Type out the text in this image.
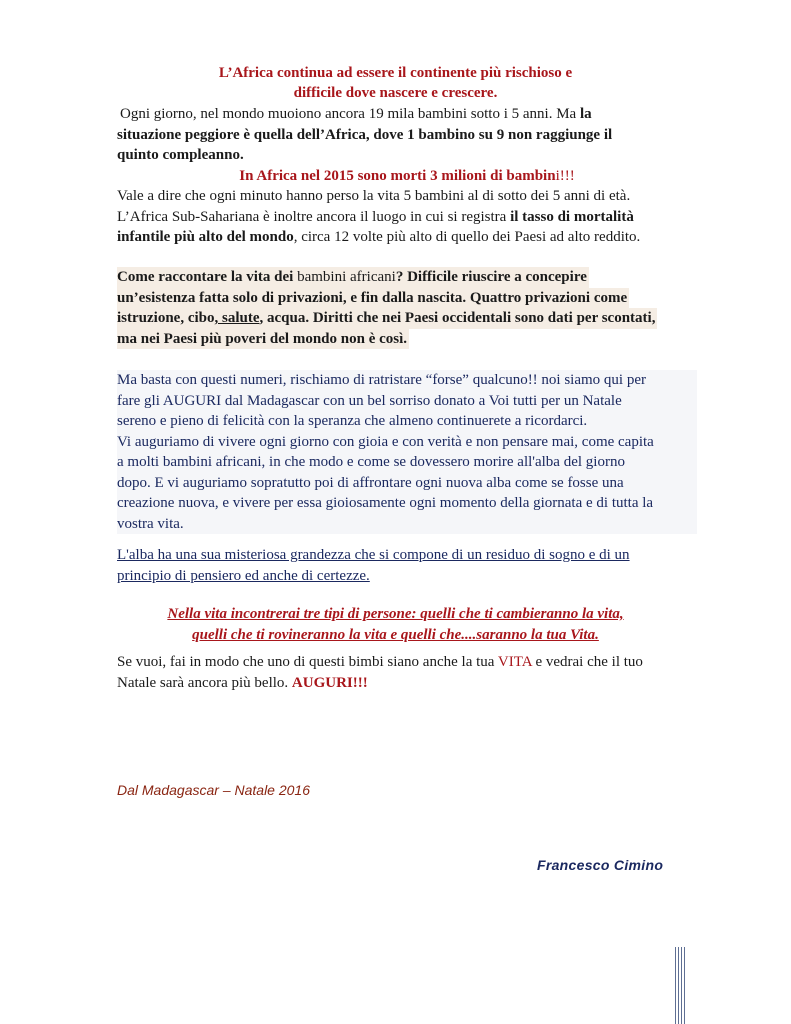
L’Africa continua ad essere il continente più rischioso e
difficile dove nascere e crescere.
Ogni giorno, nel mondo muoiono ancora 19 mila bambini sotto i 5 anni. Ma la
situazione peggiore è quella dell’Africa, dove 1 bambino su 9 non raggiunge il
quinto compleanno.
In Africa nel 2015 sono morti 3 milioni di bambini!!!
Vale a dire che ogni minuto hanno perso la vita 5 bambini al di sotto dei 5 anni di età.
L’Africa Sub-Sahariana è inoltre ancora il luogo in cui si registra il tasso di mortalità
infantile più alto del mondo, circa 12 volte più alto di quello dei Paesi ad alto reddito.
Come raccontare la vita dei bambini africani? Difficile riuscire a concepire
un’esistenza fatta solo di privazioni, e fin dalla nascita. Quattro privazioni come
istruzione, cibo, salute, acqua. Diritti che nei Paesi occidentali sono dati per scontati,
ma nei Paesi più poveri del mondo non è così.
Ma basta con questi numeri, rischiamo di ratristare “forse” qualcuno!! noi siamo qui per
fare gli AUGURI dal Madagascar con un bel sorriso donato a Voi tutti per un Natale
sereno e pieno di felicità con la speranza che almeno continuerete a ricordarci.
Vi auguriamo di vivere ogni giorno con gioia e con verità e non pensare mai, come capita
a molti bambini africani, in che modo e come se dovessero morire all'alba del giorno
dopo. E vi auguriamo sopratutto poi di affrontare ogni nuova alba come se fosse una
creazione nuova, e vivere per essa gioiosamente ogni momento della giornata e di tutta la
vostra vita.
L'alba ha una sua misteriosa grandezza che si compone di un residuo di sogno e di un
principio di pensiero ed anche di certezze.
Nella vita incontrerai tre tipi di persone: quelli che ti cambieranno la vita,
quelli che ti rovineranno la vita e quelli che....saranno la tua Vita.
Se vuoi, fai in modo che uno di questi bimbi siano anche la tua VITA e vedrai che il tuo
Natale sarà ancora più bello. AUGURI!!!
Dal Madagascar – Natale 2016
Francesco Cimino
